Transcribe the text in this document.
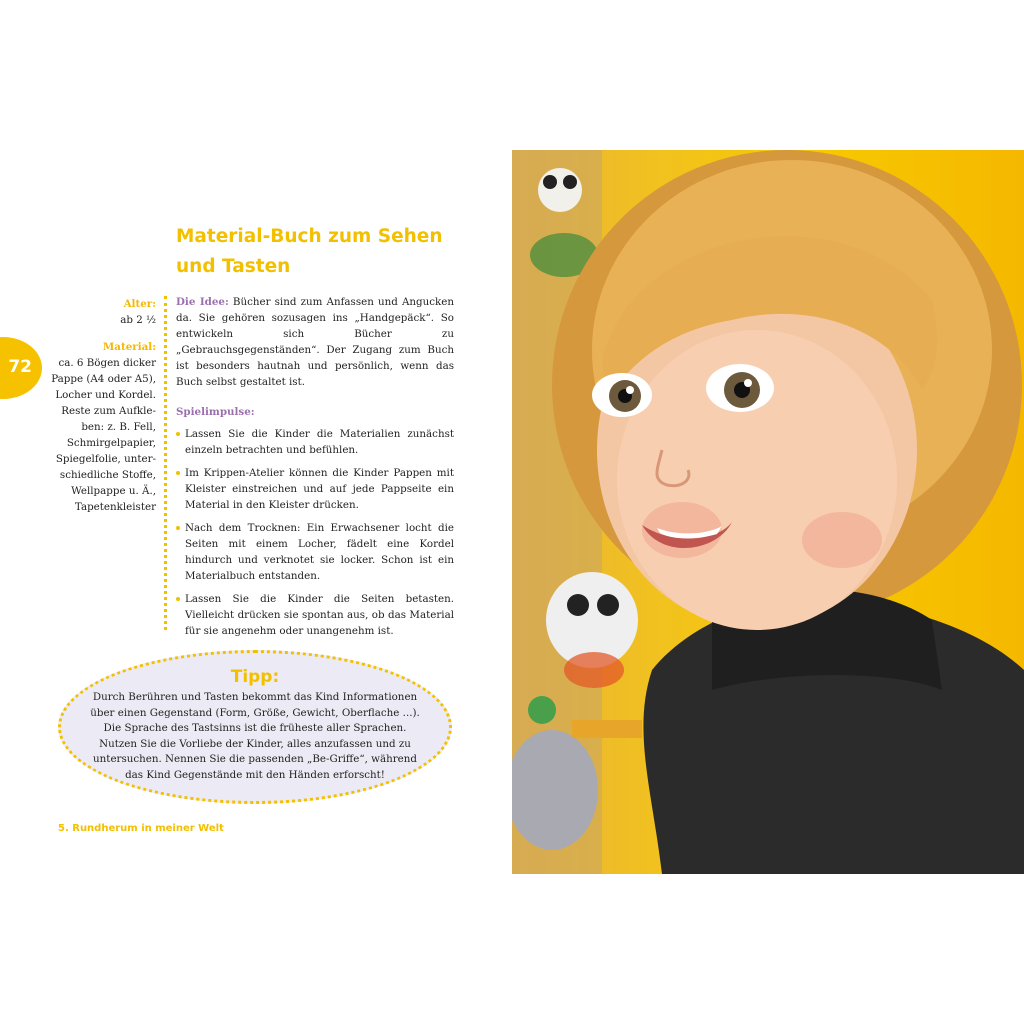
72
Material-Buch zum Sehen
und Tasten
Alter:
ab 2 ½
Material:
ca. 6 Bögen dicker
Pappe (A4 oder A5),
Locher und Kordel.
Reste zum Aufkle-
ben: z. B. Fell,
Schmirgelpapier,
Spiegelfolie, unter-
schiedliche Stoffe,
Wellpappe u. Ä.,
Tapetenkleister

Die Idee: Bücher sind zum Anfassen und Angucken da. Sie gehören sozusagen ins „Handgepäck“. So entwickeln sich Bücher zu „Gebrauchsgegenständen“. Der Zugang zum Buch ist besonders hautnah und persönlich, wenn das Buch selbst gestaltet ist.

Spielimpulse:
Lassen Sie die Kinder die Materialien zunächst einzeln betrachten und befühlen.
Im Krippen-Atelier können die Kinder Pappen mit Kleister einstreichen und auf jede Pappseite ein Material in den Kleister drücken.
Nach dem Trocknen: Ein Erwachsener locht die Seiten mit einem Locher, fädelt eine Kordel hindurch und verknotet sie locker. Schon ist ein Materialbuch entstanden.
Lassen Sie die Kinder die Seiten betasten. Vielleicht drücken sie spontan aus, ob das Material für sie angenehm oder unangenehm ist.
Tipp:
Durch Berühren und Tasten bekommt das Kind Informationen über einen Gegenstand (Form, Größe, Gewicht, Oberflache ...). Die Sprache des Tastsinns ist die früheste aller Sprachen. Nutzen Sie die Vorliebe der Kinder, alles anzufassen und zu untersuchen. Nennen Sie die passenden „Be-Griffe“, während das Kind Gegenstände mit den Händen erforscht!
5. Rundherum in meiner Welt
